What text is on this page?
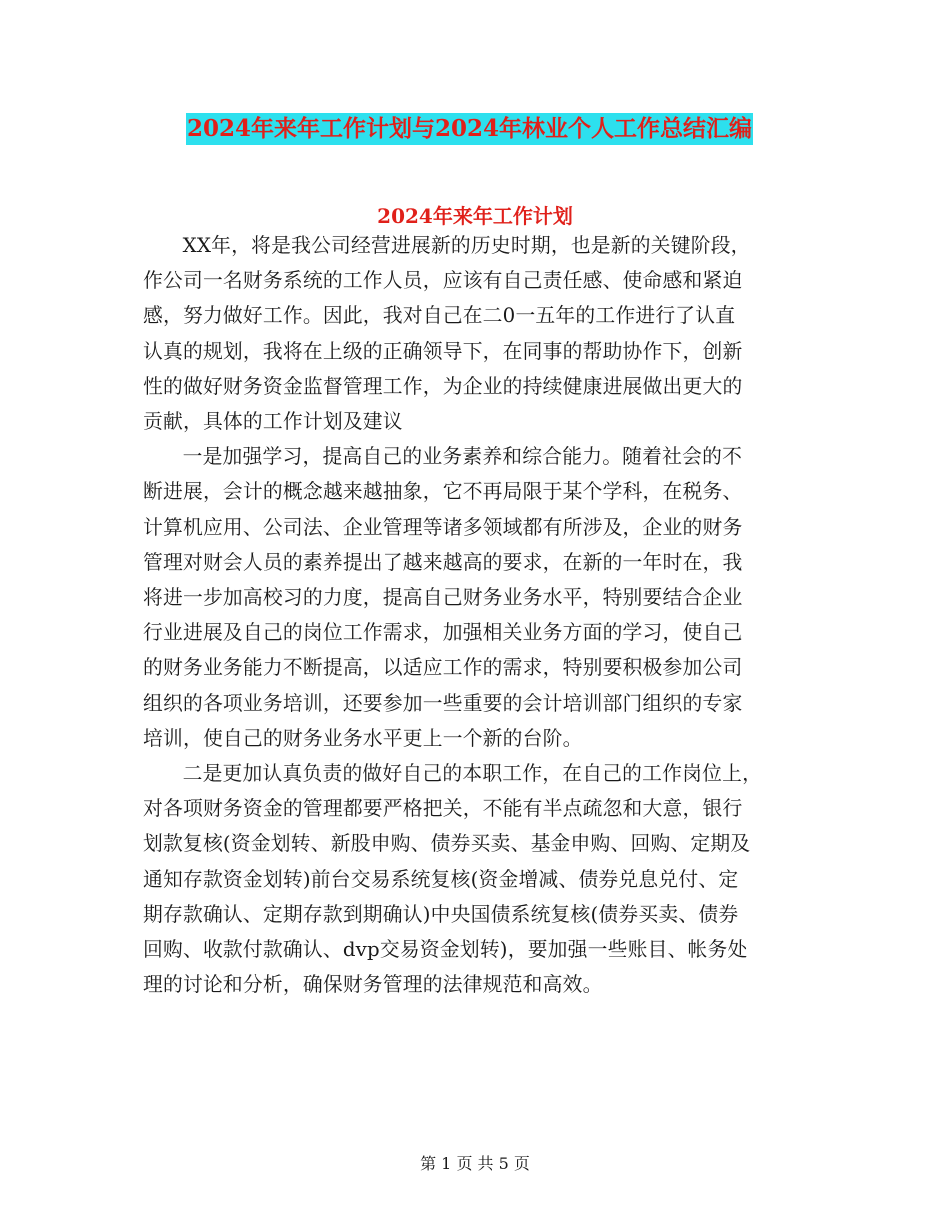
2024年来年工作计划与2024年林业个人工作总结汇编
2024年来年工作计划
XX年，将是我公司经营进展新的历史时期，也是新的关键阶段，
作公司一名财务系统的工作人员，应该有自己责任感、使命感和紧迫
感，努力做好工作。因此，我对自己在二0一五年的工作进行了认直
认真的规划，我将在上级的正确领导下，在同事的帮助协作下，创新
性的做好财务资金监督管理工作，为企业的持续健康进展做出更大的
贡献，具体的工作计划及建议
一是加强学习，提高自己的业务素养和综合能力。随着社会的不
断进展，会计的概念越来越抽象，它不再局限于某个学科，在税务、
计算机应用、公司法、企业管理等诸多领域都有所涉及，企业的财务
管理对财会人员的素养提出了越来越高的要求，在新的一年时在，我
将进一步加高校习的力度，提高自己财务业务水平，特别要结合企业
行业进展及自己的岗位工作需求，加强相关业务方面的学习，使自己
的财务业务能力不断提高，以适应工作的需求，特别要积极参加公司
组织的各项业务培训，还要参加一些重要的会计培训部门组织的专家
培训，使自己的财务业务水平更上一个新的台阶。
二是更加认真负责的做好自己的本职工作，在自己的工作岗位上，
对各项财务资金的管理都要严格把关，不能有半点疏忽和大意，银行
划款复核(资金划转、新股申购、债券买卖、基金申购、回购、定期及
通知存款资金划转)前台交易系统复核(资金增减、债券兑息兑付、定
期存款确认、定期存款到期确认)中央国债系统复核(债券买卖、债券
回购、收款付款确认、dvp交易资金划转)，要加强一些账目、帐务处
理的讨论和分析，确保财务管理的法律规范和高效。
第 1 页 共 5 页
